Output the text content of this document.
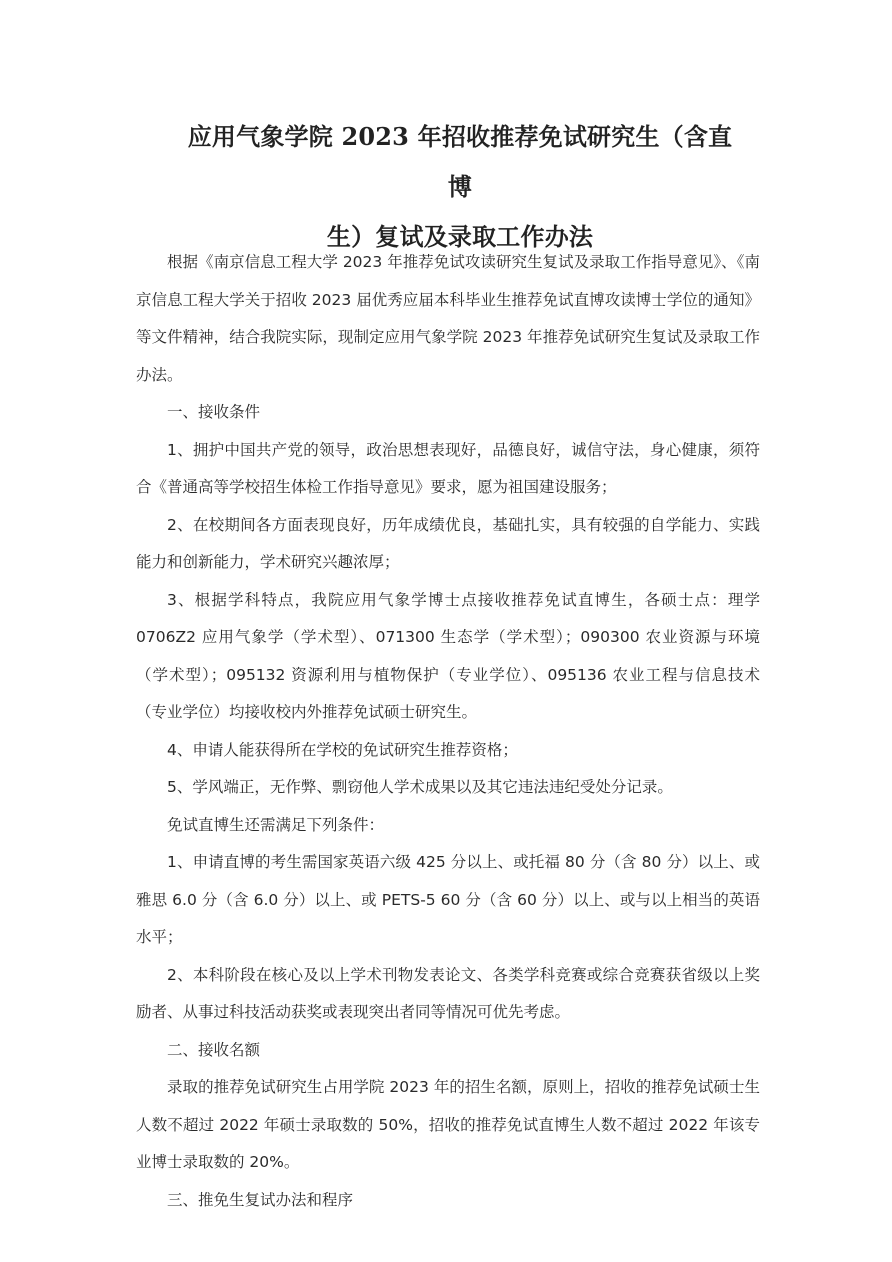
应用气象学院 2023 年招收推荐免试研究生（含直博
生）复试及录取工作办法

根据《南京信息工程大学 2023 年推荐免试攻读研究生复试及录取工作指导意见》、《南京信息工程大学关于招收 2023 届优秀应届本科毕业生推荐免试直博攻读博士学位的通知》等文件精神，结合我院实际，现制定应用气象学院 2023 年推荐免试研究生复试及录取工作办法。

一、接收条件

1、拥护中国共产党的领导，政治思想表现好，品德良好，诚信守法，身心健康，须符合《普通高等学校招生体检工作指导意见》要求，愿为祖国建设服务；

2、在校期间各方面表现良好，历年成绩优良，基础扎实，具有较强的自学能力、实践能力和创新能力，学术研究兴趣浓厚；

3、根据学科特点，我院应用气象学博士点接收推荐免试直博生，各硕士点：理学 0706Z2 应用气象学（学术型）、071300 生态学（学术型）；090300 农业资源与环境（学术型）；095132 资源利用与植物保护（专业学位）、095136 农业工程与信息技术（专业学位）均接收校内外推荐免试硕士研究生。

4、申请人能获得所在学校的免试研究生推荐资格；

5、学风端正，无作弊、剽窃他人学术成果以及其它违法违纪受处分记录。

免试直博生还需满足下列条件：

1、申请直博的考生需国家英语六级 425 分以上、或托福 80 分（含 80 分）以上、或雅思 6.0 分（含 6.0 分）以上、或 PETS-5 60 分（含 60 分）以上、或与以上相当的英语水平；

2、本科阶段在核心及以上学术刊物发表论文、各类学科竞赛或综合竞赛获省级以上奖励者、从事过科技活动获奖或表现突出者同等情况可优先考虑。

二、接收名额

录取的推荐免试研究生占用学院 2023 年的招生名额，原则上，招收的推荐免试硕士生人数不超过 2022 年硕士录取数的 50%，招收的推荐免试直博生人数不超过 2022 年该专业博士录取数的 20%。

三、推免生复试办法和程序
